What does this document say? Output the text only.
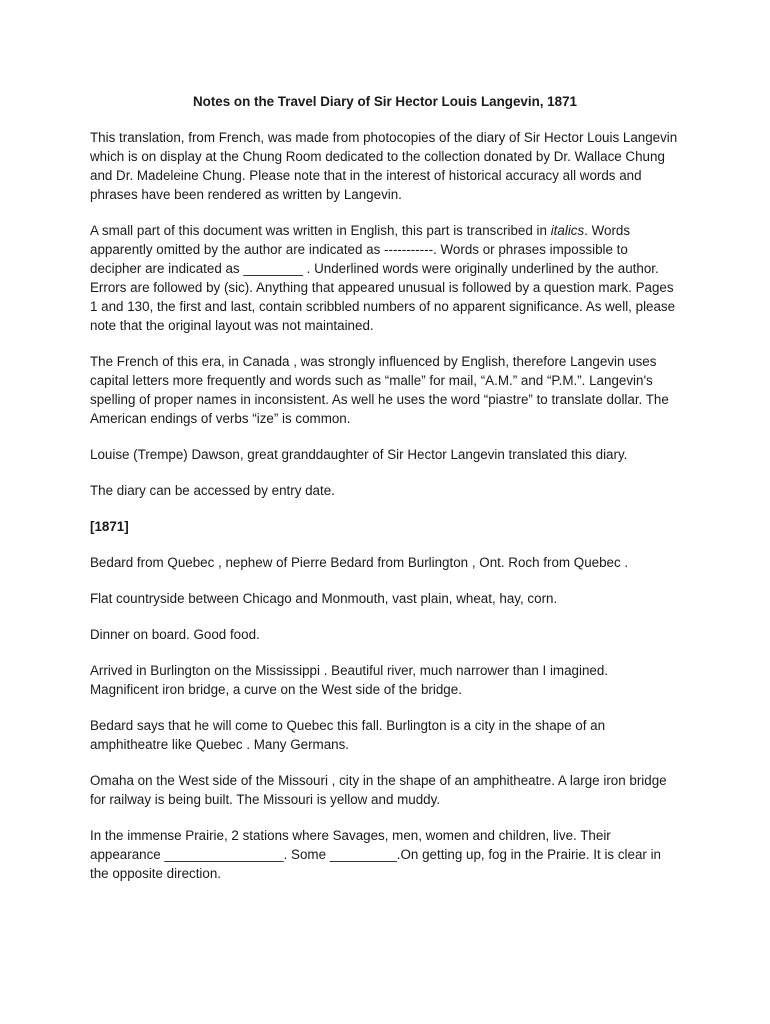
Notes on the Travel Diary of Sir Hector Louis Langevin, 1871

This translation, from French, was made from photocopies of the diary of Sir Hector Louis Langevin which is on display at the Chung Room dedicated to the collection donated by Dr. Wallace Chung and Dr. Madeleine Chung. Please note that in the interest of historical accuracy all words and phrases have been rendered as written by Langevin.

A small part of this document was written in English, this part is transcribed in italics. Words apparently omitted by the author are indicated as -----------. Words or phrases impossible to decipher are indicated as ________ . Underlined words were originally underlined by the author. Errors are followed by (sic). Anything that appeared unusual is followed by a question mark. Pages 1 and 130, the first and last, contain scribbled numbers of no apparent significance. As well, please note that the original layout was not maintained.

The French of this era, in Canada , was strongly influenced by English, therefore Langevin uses capital letters more frequently and words such as “malle” for mail, “A.M.” and “P.M.”. Langevin's spelling of proper names in inconsistent. As well he uses the word “piastre” to translate dollar. The American endings of verbs “ize” is common.

Louise (Trempe) Dawson, great granddaughter of Sir Hector Langevin translated this diary.

The diary can be accessed by entry date.

[1871]

Bedard from Quebec , nephew of Pierre Bedard from Burlington , Ont. Roch from Quebec .

Flat countryside between Chicago and Monmouth, vast plain, wheat, hay, corn.

Dinner on board. Good food.

Arrived in Burlington on the Mississippi . Beautiful river, much narrower than I imagined. Magnificent iron bridge, a curve on the West side of the bridge.

Bedard says that he will come to Quebec this fall. Burlington is a city in the shape of an amphitheatre like Quebec . Many Germans.

Omaha on the West side of the Missouri , city in the shape of an amphitheatre. A large iron bridge for railway is being built. The Missouri is yellow and muddy.

In the immense Prairie, 2 stations where Savages, men, women and children, live. Their appearance ________________. Some _________.On getting up, fog in the Prairie. It is clear in the opposite direction.
